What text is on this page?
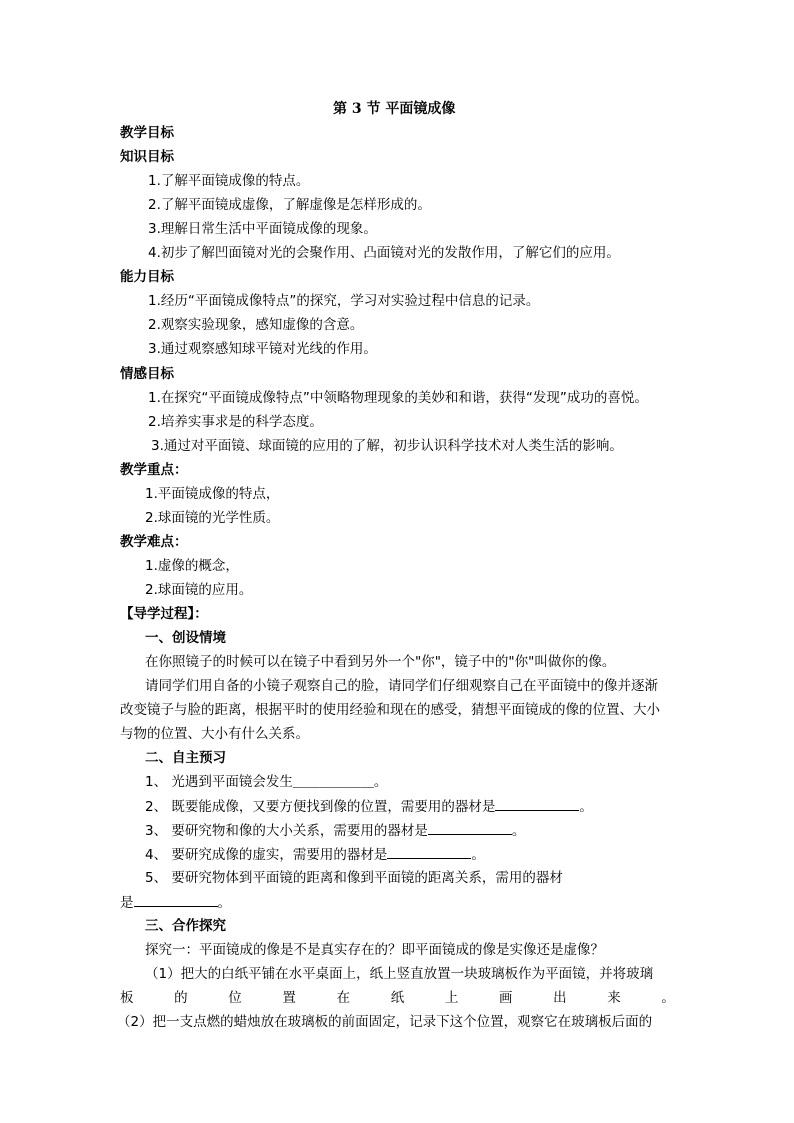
第 3 节 平面镜成像
教学目标
知识目标
1.了解平面镜成像的特点。
2.了解平面镜成虚像，了解虚像是怎样形成的。
3.理解日常生活中平面镜成像的现象。
4.初步了解凹面镜对光的会聚作用、凸面镜对光的发散作用，了解它们的应用。
能力目标
1.经历“平面镜成像特点”的探究，学习对实验过程中信息的记录。
2.观察实验现象，感知虚像的含意。
3.通过观察感知球平镜对光线的作用。
情感目标
1.在探究“平面镜成像特点”中领略物理现象的美妙和和谐，获得“发现”成功的喜悦。
2.培养实事求是的科学态度。
3.通过对平面镜、球面镜的应用的了解，初步认识科学技术对人类生活的影响。
教学重点：
1.平面镜成像的特点，
2.球面镜的光学性质。
教学难点：
1.虚像的概念，
2.球面镜的应用。
【导学过程】：
一、创设情境
在你照镜子的时候可以在镜子中看到另外一个"你"，镜子中的"你"叫做你的像。
请同学们用自备的小镜子观察自己的脸，请同学们仔细观察自己在平面镜中的像并逐渐
改变镜子与脸的距离，根据平时的使用经验和现在的感受，猜想平面镜成的像的位置、大小
与物的位置、大小有什么关系。
二、自主预习
1、 光遇到平面镜会发生＿＿＿＿＿＿。
2、 既要能成像，又要方便找到像的位置，需要用的器材是	。
3、 要研究物和像的大小关系，需要用的器材是	。
4、 要研究成像的虚实，需要用的器材是	。
5、 要研究物体到平面镜的距离和像到平面镜的距离关系，需用的器材
是	。
三、合作探究
探究一：平面镜成的像是不是真实存在的？即平面镜成的像是实像还是虚像？
（1）把大的白纸平铺在水平桌面上，纸上竖直放置一块玻璃板作为平面镜，并将玻璃
板	的	位	置	在	纸	上	画	出	来	。
（2）把一支点燃的蜡烛放在玻璃板的前面固定，记录下这个位置，观察它在玻璃板后面的
